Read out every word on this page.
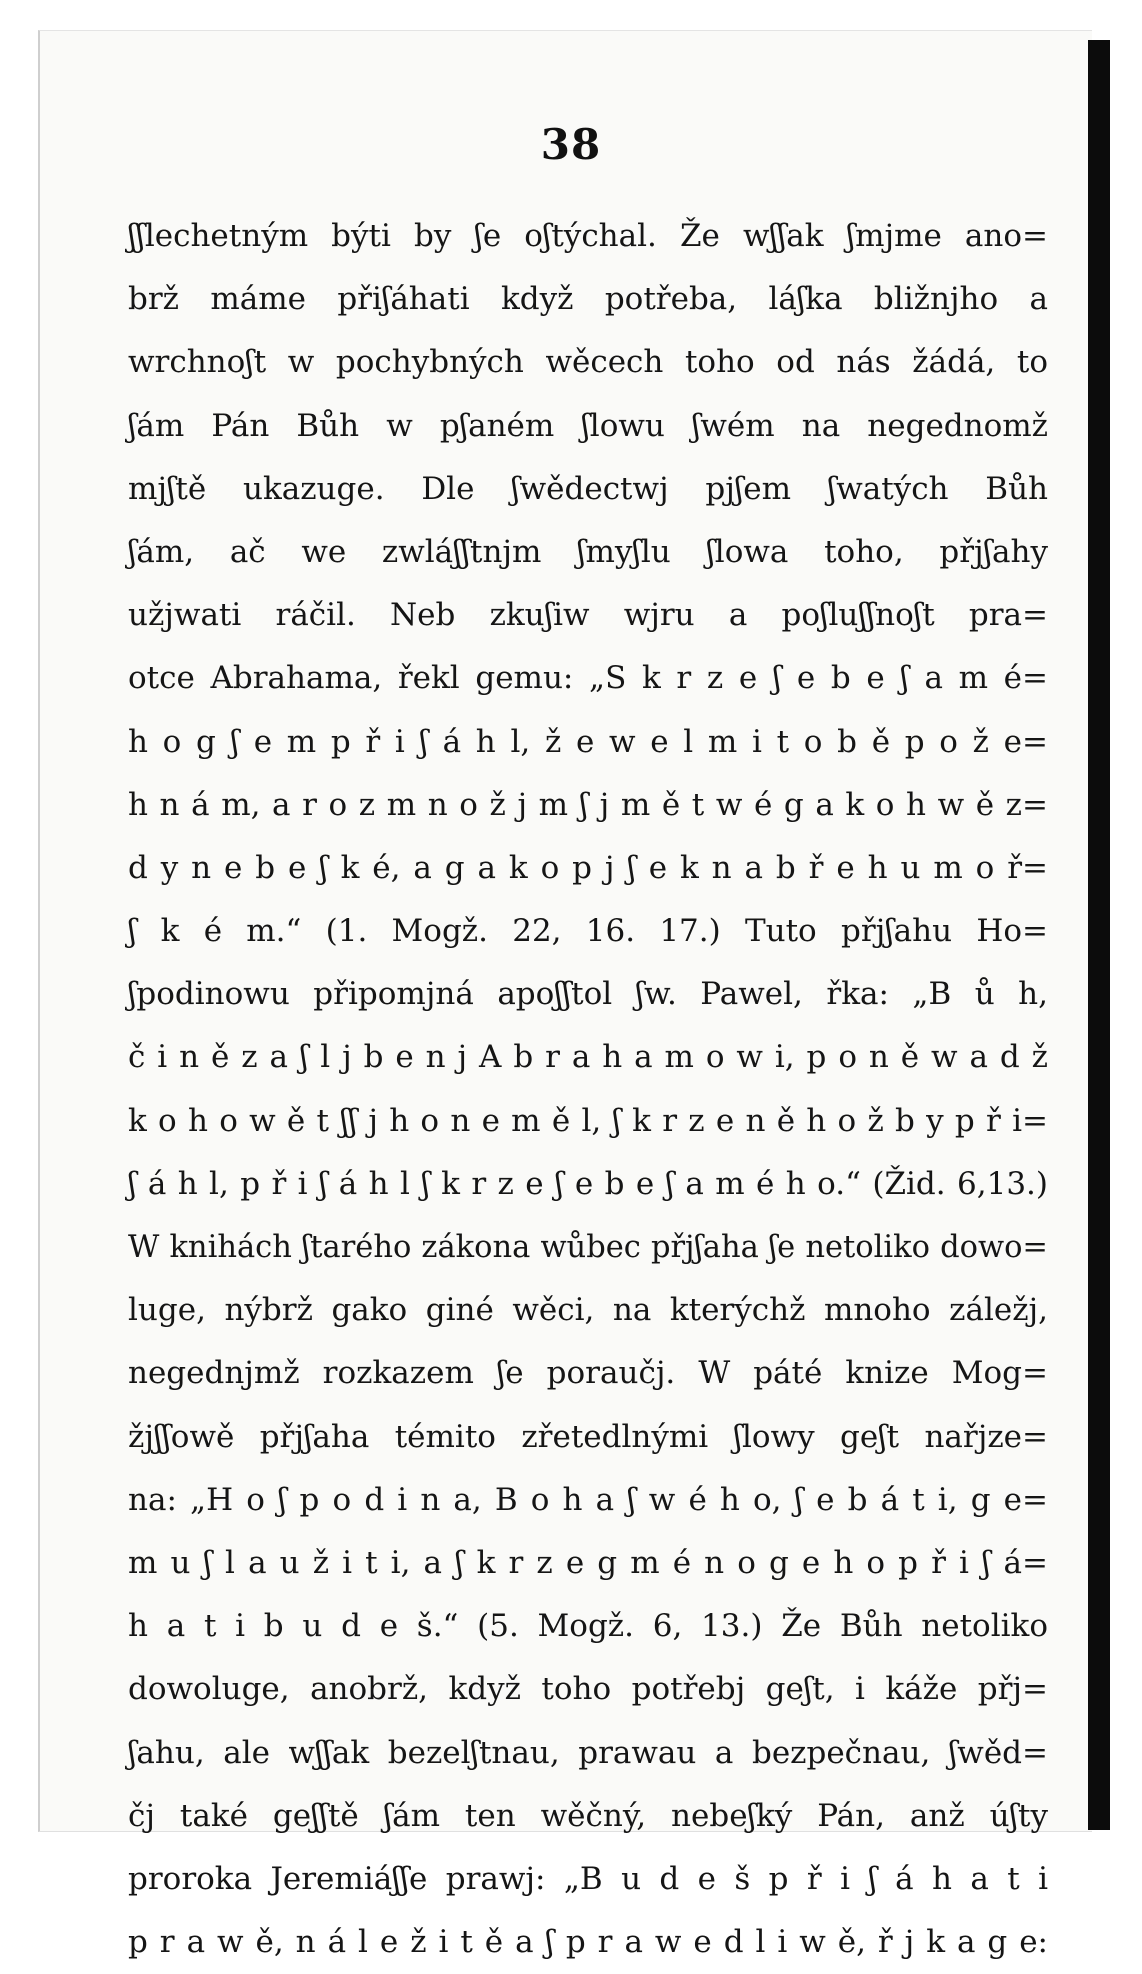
38
ʃʃlechetným býti by ʃe oʃtýchal. Že wʃʃak ʃmjme ano=
brž máme přiʃáhati když potřeba, láʃka bližnjho a
wrchnoʃt w pochybných wěcech toho od nás žádá, to
ʃám Pán Bůh w pʃaném ʃlowu ʃwém na negednomž
mjʃtě ukazuge. Dle ʃwědectwj pjʃem ʃwatých Bůh
ʃám, ač we zwláʃʃtnjm ʃmyʃlu ʃlowa toho, přjʃahy
užjwati ráčil. Neb zkuʃiw wjru a poʃluʃʃnoʃt pra=
otce Abrahama, řekl gemu: „S k r z e ʃ e b e ʃ a m é=
h o g ʃ e m p ř i ʃ á h l, ž e w e l m i t o b ě p o ž e=
h n á m, a r o z m n o ž j m ʃ j m ě t w é g a k o h w ě z=
d y n e b e ʃ k é, a g a k o p j ʃ e k n a b ř e h u m o ř=
ʃ k é m.“ (1. Mogž. 22, 16. 17.) Tuto přjʃahu Ho=
ʃpodinowu připomjná apoʃʃtol ʃw. Pawel, řka: „B ů h,
č i n ě z a ʃ l j b e n j A b r a h a m o w i, p o n ě w a d ž
k o h o w ě t ʃʃ j h o n e m ě l, ʃ k r z e n ě h o ž b y p ř i=
ʃ á h l, p ř i ʃ á h l ʃ k r z e ʃ e b e ʃ a m é h o.“ (Žid. 6,13.)
W knihách ʃtarého zákona wůbec přjʃaha ʃe netoliko dowo=
luge, nýbrž gako giné wěci, na kterýchž mnoho záležj,
negednjmž rozkazem ʃe poraučj. W páté knize Mog=
žjʃʃowě přjʃaha témito zřetedlnými ʃlowy geʃt nařjze=
na: „H o ʃ p o d i n a, B o h a ʃ w é h o, ʃ e b á t i, g e=
m u ʃ l a u ž i t i, a ʃ k r z e g m é n o g e h o p ř i ʃ á=
h a t i b u d e š.“ (5. Mogž. 6, 13.) Že Bůh netoliko
dowoluge, anobrž, když toho potřebj geʃt, i káže přj=
ʃahu, ale wʃʃak bezelʃtnau, prawau a bezpečnau, ʃwěd=
čj také geʃʃtě ʃám ten wěčný, nebeʃký Pán, anž úʃty
proroka Jeremiáʃʃe prawj: „B u d e š p ř i ʃ á h a t i
p r a w ě, n á l e ž i t ě a ʃ p r a w e d l i w ě, ř j k a g e:
